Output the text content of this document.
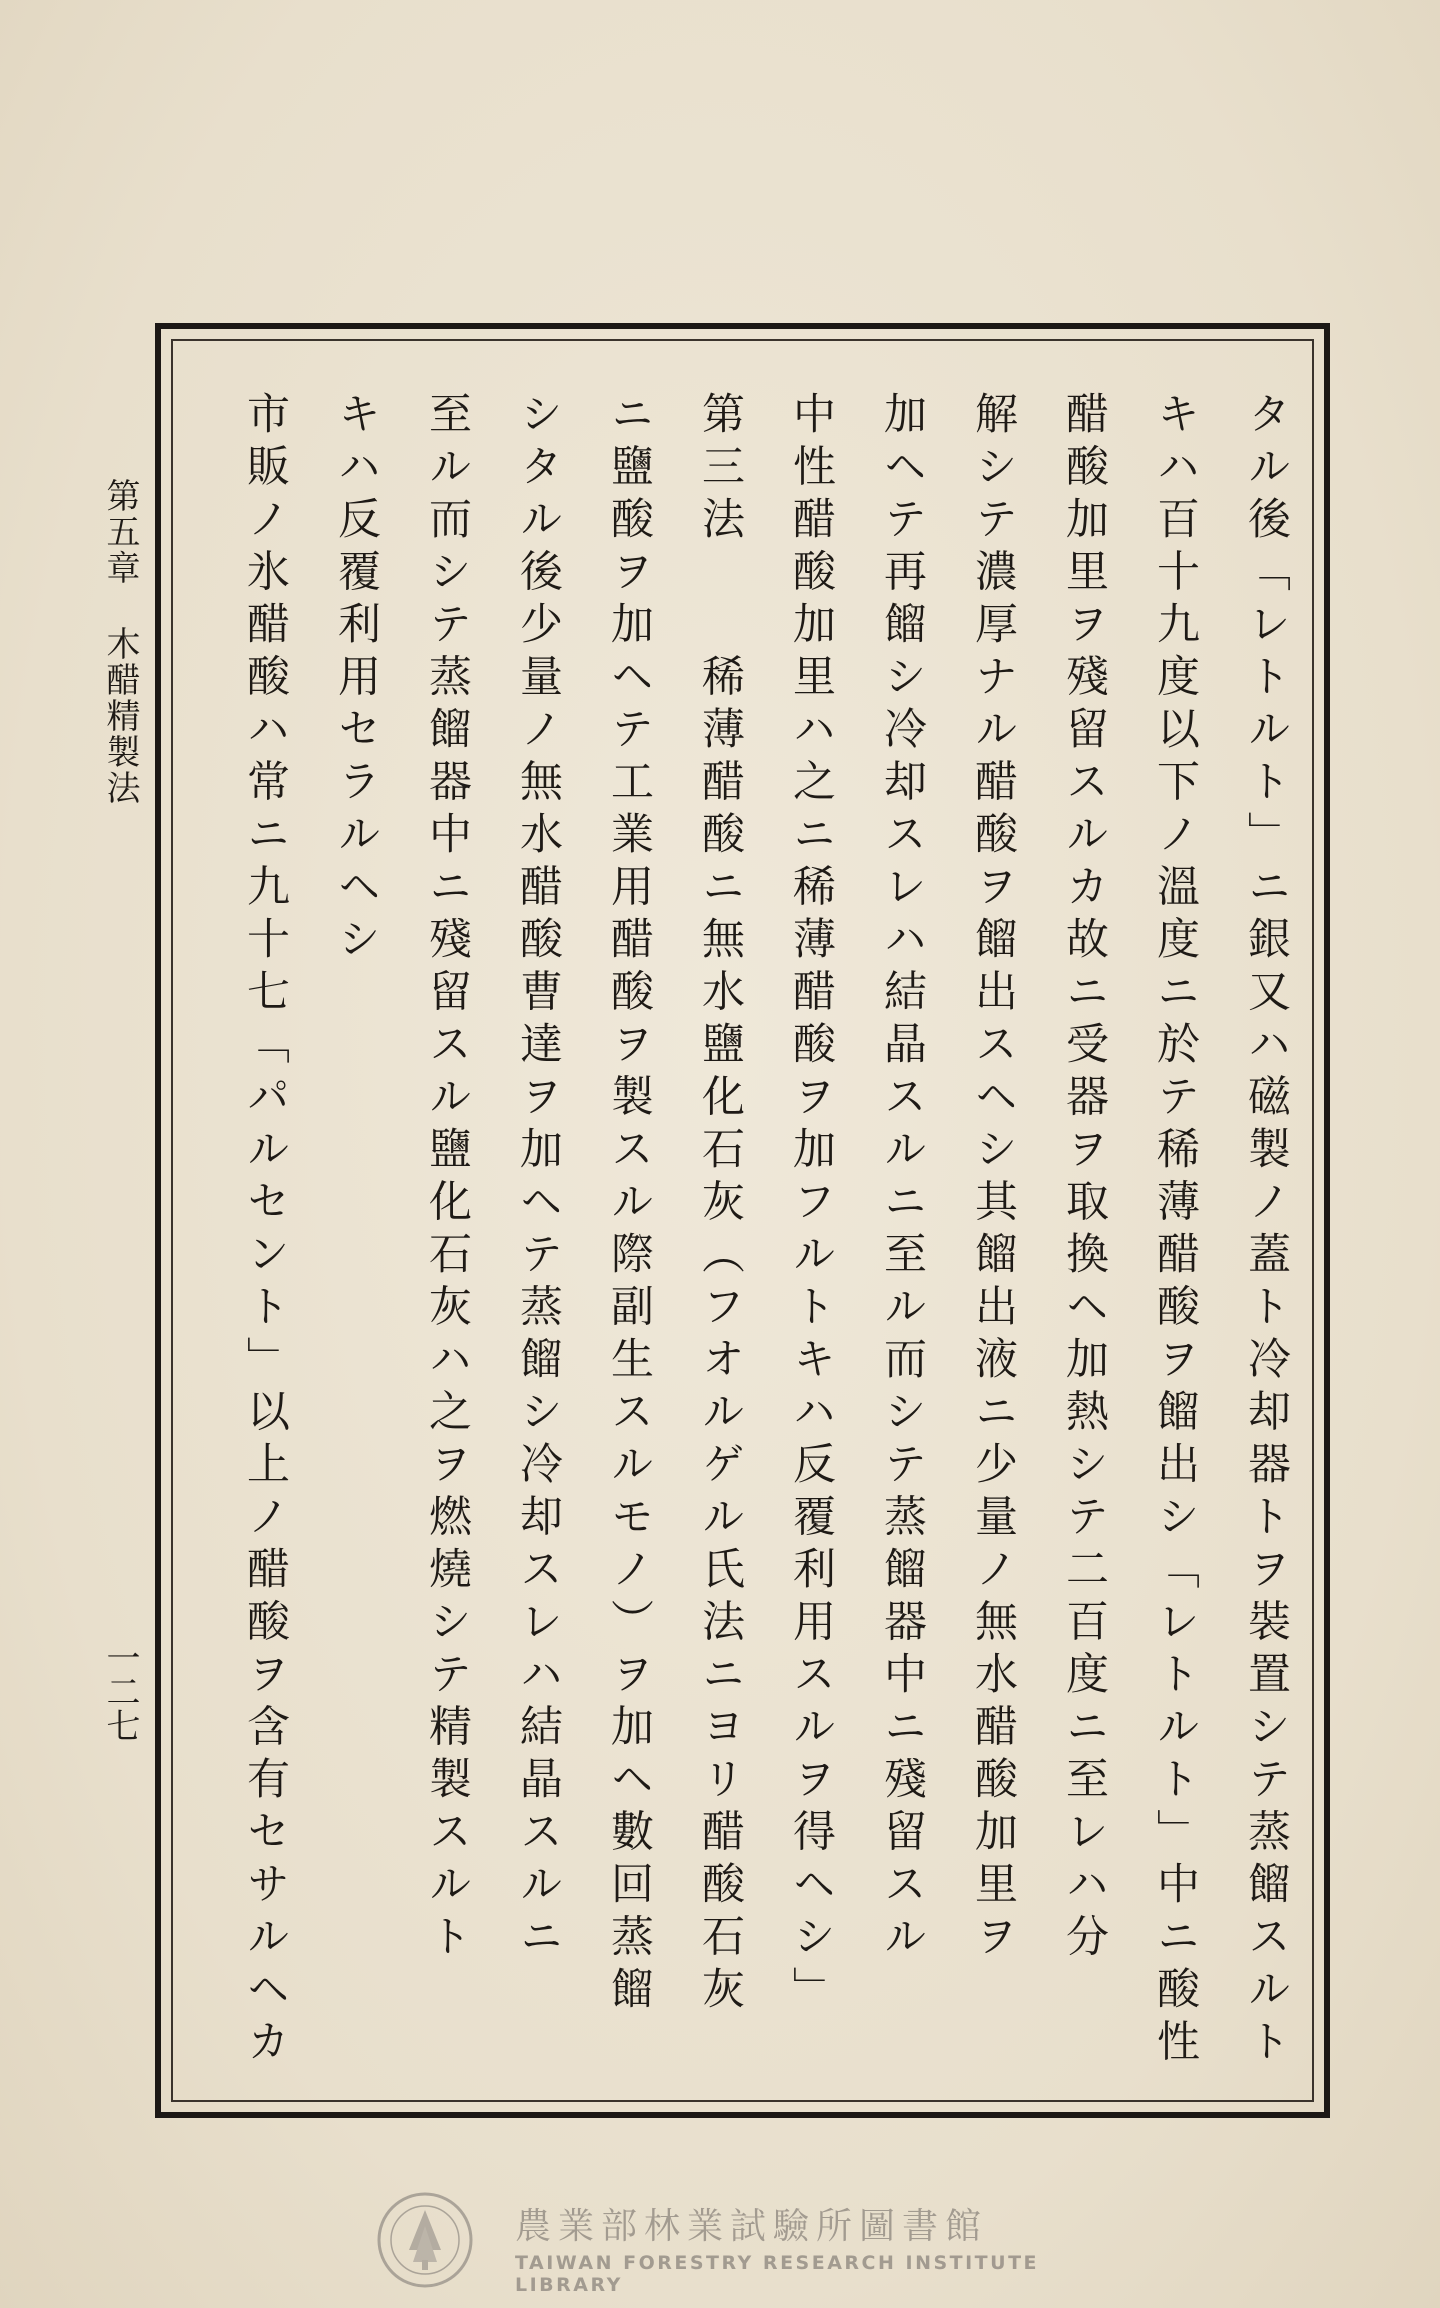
第五章木醋精製法
一二七	タル後「レトルト」ニ銀又ハ磁製ノ蓋ト冷却器トヲ裝置シテ蒸餾スルト
キハ百十九度以下ノ溫度ニ於テ稀薄醋酸ヲ餾出シ「レトルト」中ニ酸性
醋酸加里ヲ殘留スルカ故ニ受器ヲ取換ヘ加熱シテ二百度ニ至レハ分
解シテ濃厚ナル醋酸ヲ餾出スヘシ其餾出液ニ少量ノ無水醋酸加里ヲ
加ヘテ再餾シ冷却スレハ結晶スルニ至ル而シテ蒸餾器中ニ殘留スル
中性醋酸加里ハ之ニ稀薄醋酸ヲ加フルトキハ反覆利用スルヲ得ヘシ」
第三法　　稀薄醋酸ニ無水鹽化石灰（フオルゲル氏法ニヨリ醋酸石灰
ニ鹽酸ヲ加ヘテ工業用醋酸ヲ製スル際副生スルモノ）ヲ加ヘ數回蒸餾
シタル後少量ノ無水醋酸曹達ヲ加ヘテ蒸餾シ冷却スレハ結晶スルニ
至ル而シテ蒸餾器中ニ殘留スル鹽化石灰ハ之ヲ燃燒シテ精製スルト
キハ反覆利用セラルヘシ
市販ノ氷醋酸ハ常ニ九十七「パルセント」以上ノ醋酸ヲ含有セサルヘカ
農業部林業試驗所圖書館
TAIWAN FORESTRY RESEARCH INSTITUTE LIBRARY
